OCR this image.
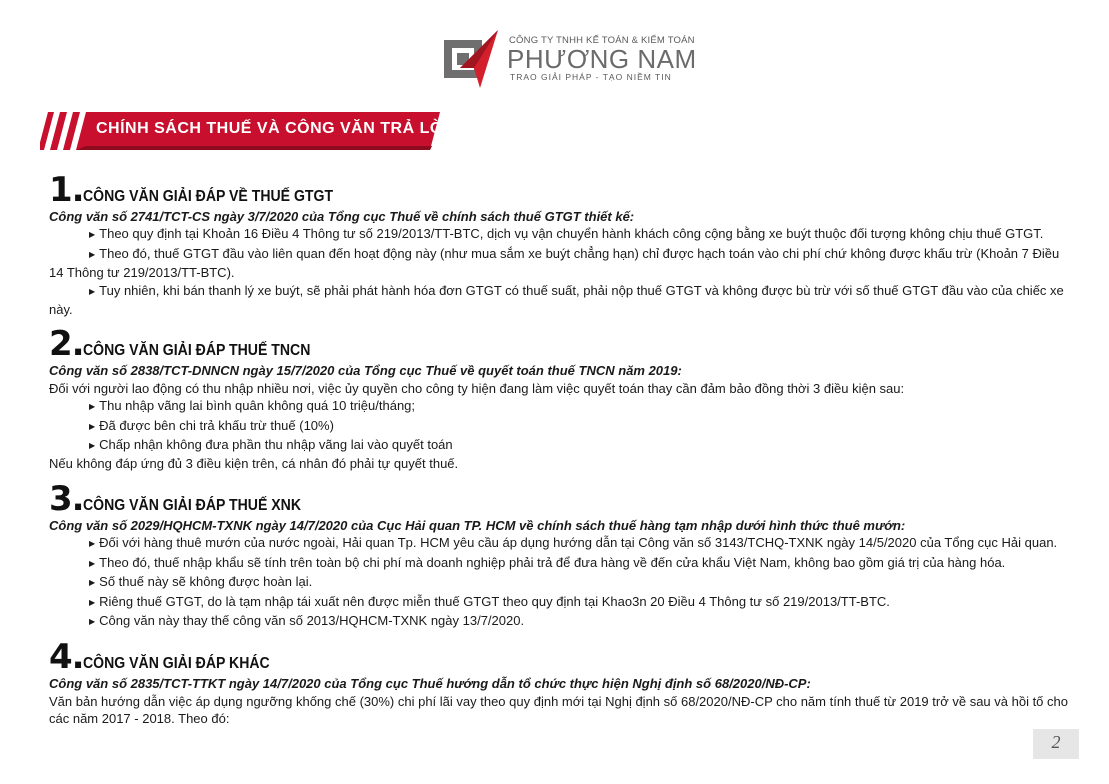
CÔNG TY TNHH KẾ TOÁN & KIỂM TOÁN
PHƯƠNG NAM
TRAO GIẢI PHÁP - TẠO NIỀM TIN
CHÍNH SÁCH THUẾ VÀ CÔNG VĂN TRẢ LỜI
1. CÔNG VĂN GIẢI ĐÁP VỀ THUẾ GTGT
Công văn số 2741/TCT-CS ngày 3/7/2020 của Tổng cục Thuế về chính sách thuế GTGT thiết kế:
▶ Theo quy định tại Khoản 16 Điều 4 Thông tư số 219/2013/TT-BTC, dịch vụ vận chuyển hành khách công cộng bằng xe buýt thuộc đối tượng không chịu thuế GTGT.
▶ Theo đó, thuế GTGT đầu vào liên quan đến hoạt động này (như mua sắm xe buýt chẳng hạn) chỉ được hạch toán vào chi phí chứ không được khấu trừ (Khoản 7 Điều 14 Thông tư 219/2013/TT-BTC).
▶ Tuy nhiên, khi bán thanh lý xe buýt, sẽ phải phát hành hóa đơn GTGT có thuế suất, phải nộp thuế GTGT và không được bù trừ với số thuế GTGT đầu vào của chiếc xe này.
2. CÔNG VĂN GIẢI ĐÁP THUẾ TNCN
Công văn số 2838/TCT-DNNCN ngày 15/7/2020 của Tổng cục Thuế về quyết toán thuế TNCN năm 2019:
Đối với người lao động có thu nhập nhiều nơi, việc ủy quyền cho công ty hiện đang làm việc quyết toán thay cần đảm bảo đồng thời 3 điều kiện sau:
▶ Thu nhập vãng lai bình quân không quá 10 triệu/tháng;
▶ Đã được bên chi trả khấu trừ thuế (10%)
▶ Chấp nhận không đưa phần thu nhập vãng lai vào quyết toán
Nếu không đáp ứng đủ 3 điều kiện trên, cá nhân đó phải tự quyết thuế.
3. CÔNG VĂN GIẢI ĐÁP THUẾ XNK
Công văn số 2029/HQHCM-TXNK ngày 14/7/2020 của Cục Hải quan TP. HCM về chính sách thuế hàng tạm nhập dưới hình thức thuê mướn:
▶ Đối với hàng thuê mướn của nước ngoài, Hải quan Tp. HCM yêu cầu áp dụng hướng dẫn tại Công văn số 3143/TCHQ-TXNK ngày 14/5/2020 của Tổng cục Hải quan.
▶ Theo đó, thuế nhập khẩu sẽ tính trên toàn bộ chi phí mà doanh nghiệp phải trả để đưa hàng về đến cửa khẩu Việt Nam, không bao gồm giá trị của hàng hóa.
▶ Số thuế này sẽ không được hoàn lại.
▶ Riêng thuế GTGT, do là tạm nhập tái xuất nên được miễn thuế GTGT theo quy định tại Khao3n 20 Điều 4 Thông tư số 219/2013/TT-BTC.
▶ Công văn này thay thế công văn số 2013/HQHCM-TXNK ngày 13/7/2020.
4. CÔNG VĂN GIẢI ĐÁP KHÁC
Công văn số 2835/TCT-TTKT ngày 14/7/2020 của Tổng cục Thuế hướng dẫn tổ chức thực hiện Nghị định số 68/2020/NĐ-CP:
Văn bản hướng dẫn việc áp dụng ngưỡng khống chế (30%) chi phí lãi vay theo quy định mới tại Nghị định số 68/2020/NĐ-CP cho năm tính thuế từ 2019 trở về sau và hồi tố cho các năm 2017 - 2018. Theo đó:
2
